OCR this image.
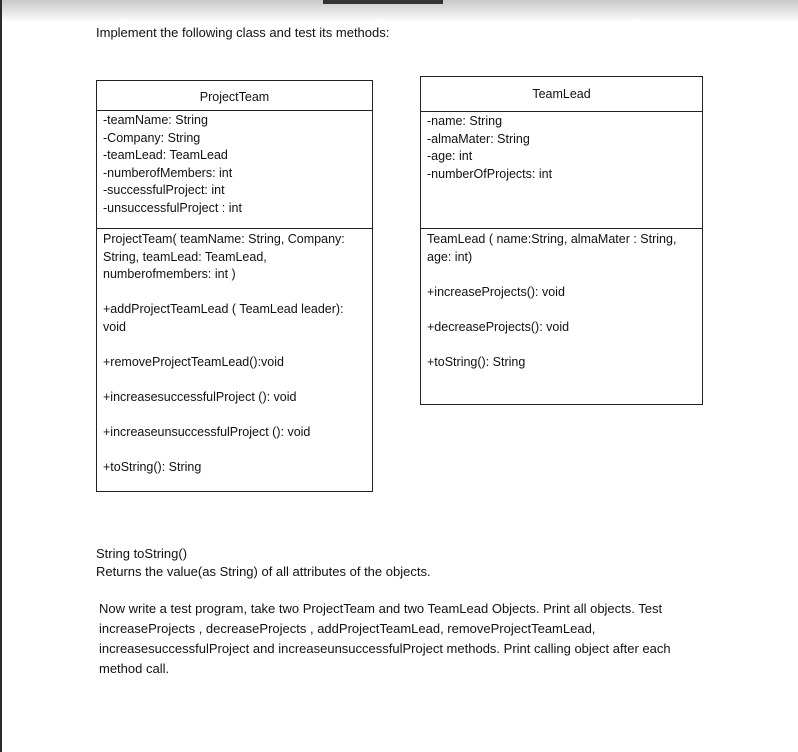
Implement the following class and test its methods:
ProjectTeam
-teamName: String
-Company: String
-teamLead: TeamLead
-numberofMembers: int
-successfulProject: int
-unsuccessfulProject : int
ProjectTeam( teamName: String, Company:
String, teamLead: TeamLead,
numberofmembers: int )
+addProjectTeamLead ( TeamLead leader):
void
+removeProjectTeamLead():void
+increasesuccessfulProject (): void
+increaseunsuccessfulProject (): void
+toString(): String
TeamLead
-name: String
-almaMater: String
-age: int
-numberOfProjects: int
TeamLead ( name:String, almaMater : String,
age: int)
+increaseProjects(): void
+decreaseProjects(): void
+toString(): String

String toString()

Returns the value(as String) of all attributes of the objects.

Now write a test program, take two ProjectTeam and two TeamLead Objects. Print all objects. Test increaseProjects , decreaseProjects , addProjectTeamLead, removeProjectTeamLead, increasesuccessfulProject and increaseunsuccessfulProject methods. Print calling object after each method call.
